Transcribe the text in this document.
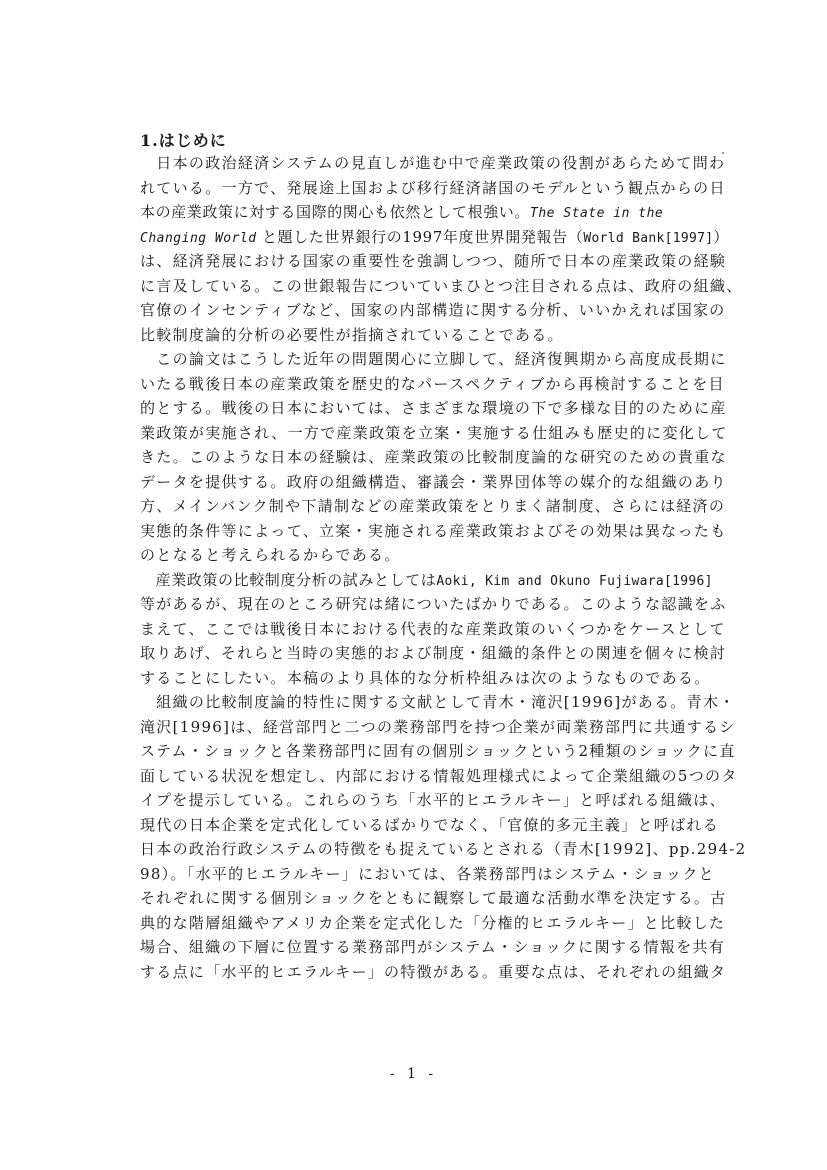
1.はじめに
　日本の政治経済システムの見直しが進む中で産業政策の役割があらためて問わ
れている。一方で、発展途上国および移行経済諸国のモデルという観点からの日
本の産業政策に対する国際的関心も依然として根強い。The State in the
Changing World と題した世界銀行の1997年度世界開発報告（World Bank[1997]）
は、経済発展における国家の重要性を強調しつつ、随所で日本の産業政策の経験
に言及している。この世銀報告についていまひとつ注目される点は、政府の組織、
官僚のインセンティブなど、国家の内部構造に関する分析、いいかえれば国家の
比較制度論的分析の必要性が指摘されていることである。
　この論文はこうした近年の問題関心に立脚して、経済復興期から高度成長期に
いたる戦後日本の産業政策を歴史的なパースペクティブから再検討することを目
的とする。戦後の日本においては、さまざまな環境の下で多様な目的のために産
業政策が実施され、一方で産業政策を立案・実施する仕組みも歴史的に変化して
きた。このような日本の経験は、産業政策の比較制度論的な研究のための貴重な
データを提供する。政府の組織構造、審議会・業界団体等の媒介的な組織のあり
方、メインバンク制や下請制などの産業政策をとりまく諸制度、さらには経済の
実態的条件等によって、立案・実施される産業政策およびその効果は異なったも
のとなると考えられるからである。
　産業政策の比較制度分析の試みとしてはAoki, Kim and Okuno Fujiwara[1996]
等があるが、現在のところ研究は緒についたばかりである。このような認識をふ
まえて、ここでは戦後日本における代表的な産業政策のいくつかをケースとして
取りあげ、それらと当時の実態的および制度・組織的条件との関連を個々に検討
することにしたい。本稿のより具体的な分析枠組みは次のようなものである。
　組織の比較制度論的特性に関する文献として青木・滝沢[1996]がある。青木・
滝沢[1996]は、経営部門と二つの業務部門を持つ企業が両業務部門に共通するシ
ステム・ショックと各業務部門に固有の個別ショックという2種類のショックに直
面している状況を想定し、内部における情報処理様式によって企業組織の5つのタ
イプを提示している。これらのうち「水平的ヒエラルキー」と呼ばれる組織は、
現代の日本企業を定式化しているばかりでなく、「官僚的多元主義」と呼ばれる
日本の政治行政システムの特徴をも捉えているとされる（青木[1992]、pp.294-2
98）。「水平的ヒエラルキー」においては、各業務部門はシステム・ショックと
それぞれに関する個別ショックをともに観察して最適な活動水準を決定する。古
典的な階層組織やアメリカ企業を定式化した「分権的ヒエラルキー」と比較した
場合、組織の下層に位置する業務部門がシステム・ショックに関する情報を共有
する点に「水平的ヒエラルキー」の特徴がある。重要な点は、それぞれの組織タ
- 1 -
